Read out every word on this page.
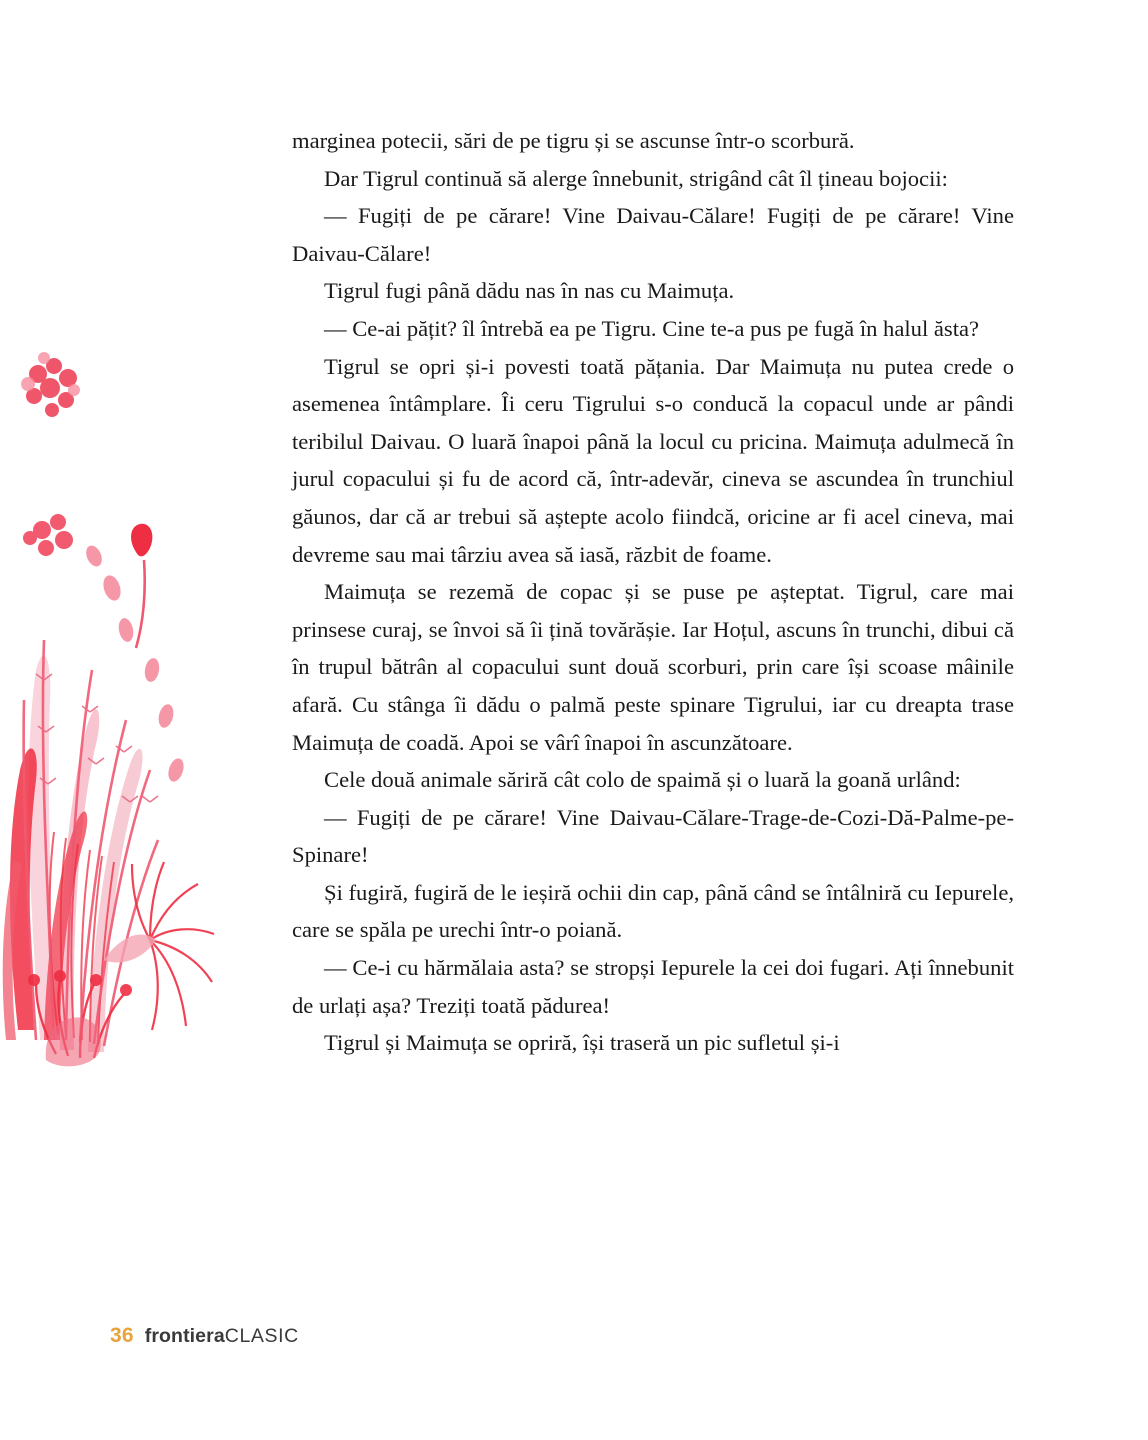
marginea potecii, sări de pe tigru și se ascunse într-o scorbură.

Dar Tigrul continuă să alerge înnebunit, strigând cât îl țineau bojocii:

— Fugiți de pe cărare! Vine Daivau-Călare! Fugiți de pe cărare! Vine Daivau-Călare!

Tigrul fugi până dădu nas în nas cu Maimuța.

— Ce-ai pățit? îl întrebă ea pe Tigru. Cine te-a pus pe fugă în halul ăsta?

Tigrul se opri și-i povesti toată pățania. Dar Maimuța nu putea crede o asemenea întâmplare. Îi ceru Tigrului s-o conducă la copacul unde ar pândi teribilul Daivau. O luară înapoi până la locul cu pricina. Maimuța adulmecă în jurul copacului și fu de acord că, într-adevăr, cineva se ascundea în trunchiul găunos, dar că ar trebui să aștepte acolo fiindcă, oricine ar fi acel cineva, mai devreme sau mai târziu avea să iasă, răzbit de foame.

Maimuța se rezemă de copac și se puse pe așteptat. Tigrul, care mai prinsese curaj, se învoi să îi țină tovărășie. Iar Hoțul, ascuns în trunchi, dibui că în trupul bătrân al copacului sunt două scorburi, prin care își scoase mâinile afară. Cu stânga îi dădu o palmă peste spinare Tigrului, iar cu dreapta trase Maimuța de coadă. Apoi se vârî înapoi în ascunzătoare.

Cele două animale săriră cât colo de spaimă și o luară la goană urlând:

— Fugiți de pe cărare! Vine Daivau-Călare-Trage-de-Cozi-Dă-Palme-pe-Spinare!

Și fugiră, fugiră de le ieșiră ochii din cap, până când se întâlniră cu Iepurele, care se spăla pe urechi într-o poiană.

— Ce-i cu hărmălaia asta? se stropși Iepurele la cei doi fugari. Ați înnebunit de urlați așa? Treziți toată pădurea!

Tigrul și Maimuța se opriră, își traseră un pic sufletul și-i

36 frontieraCLASIC
